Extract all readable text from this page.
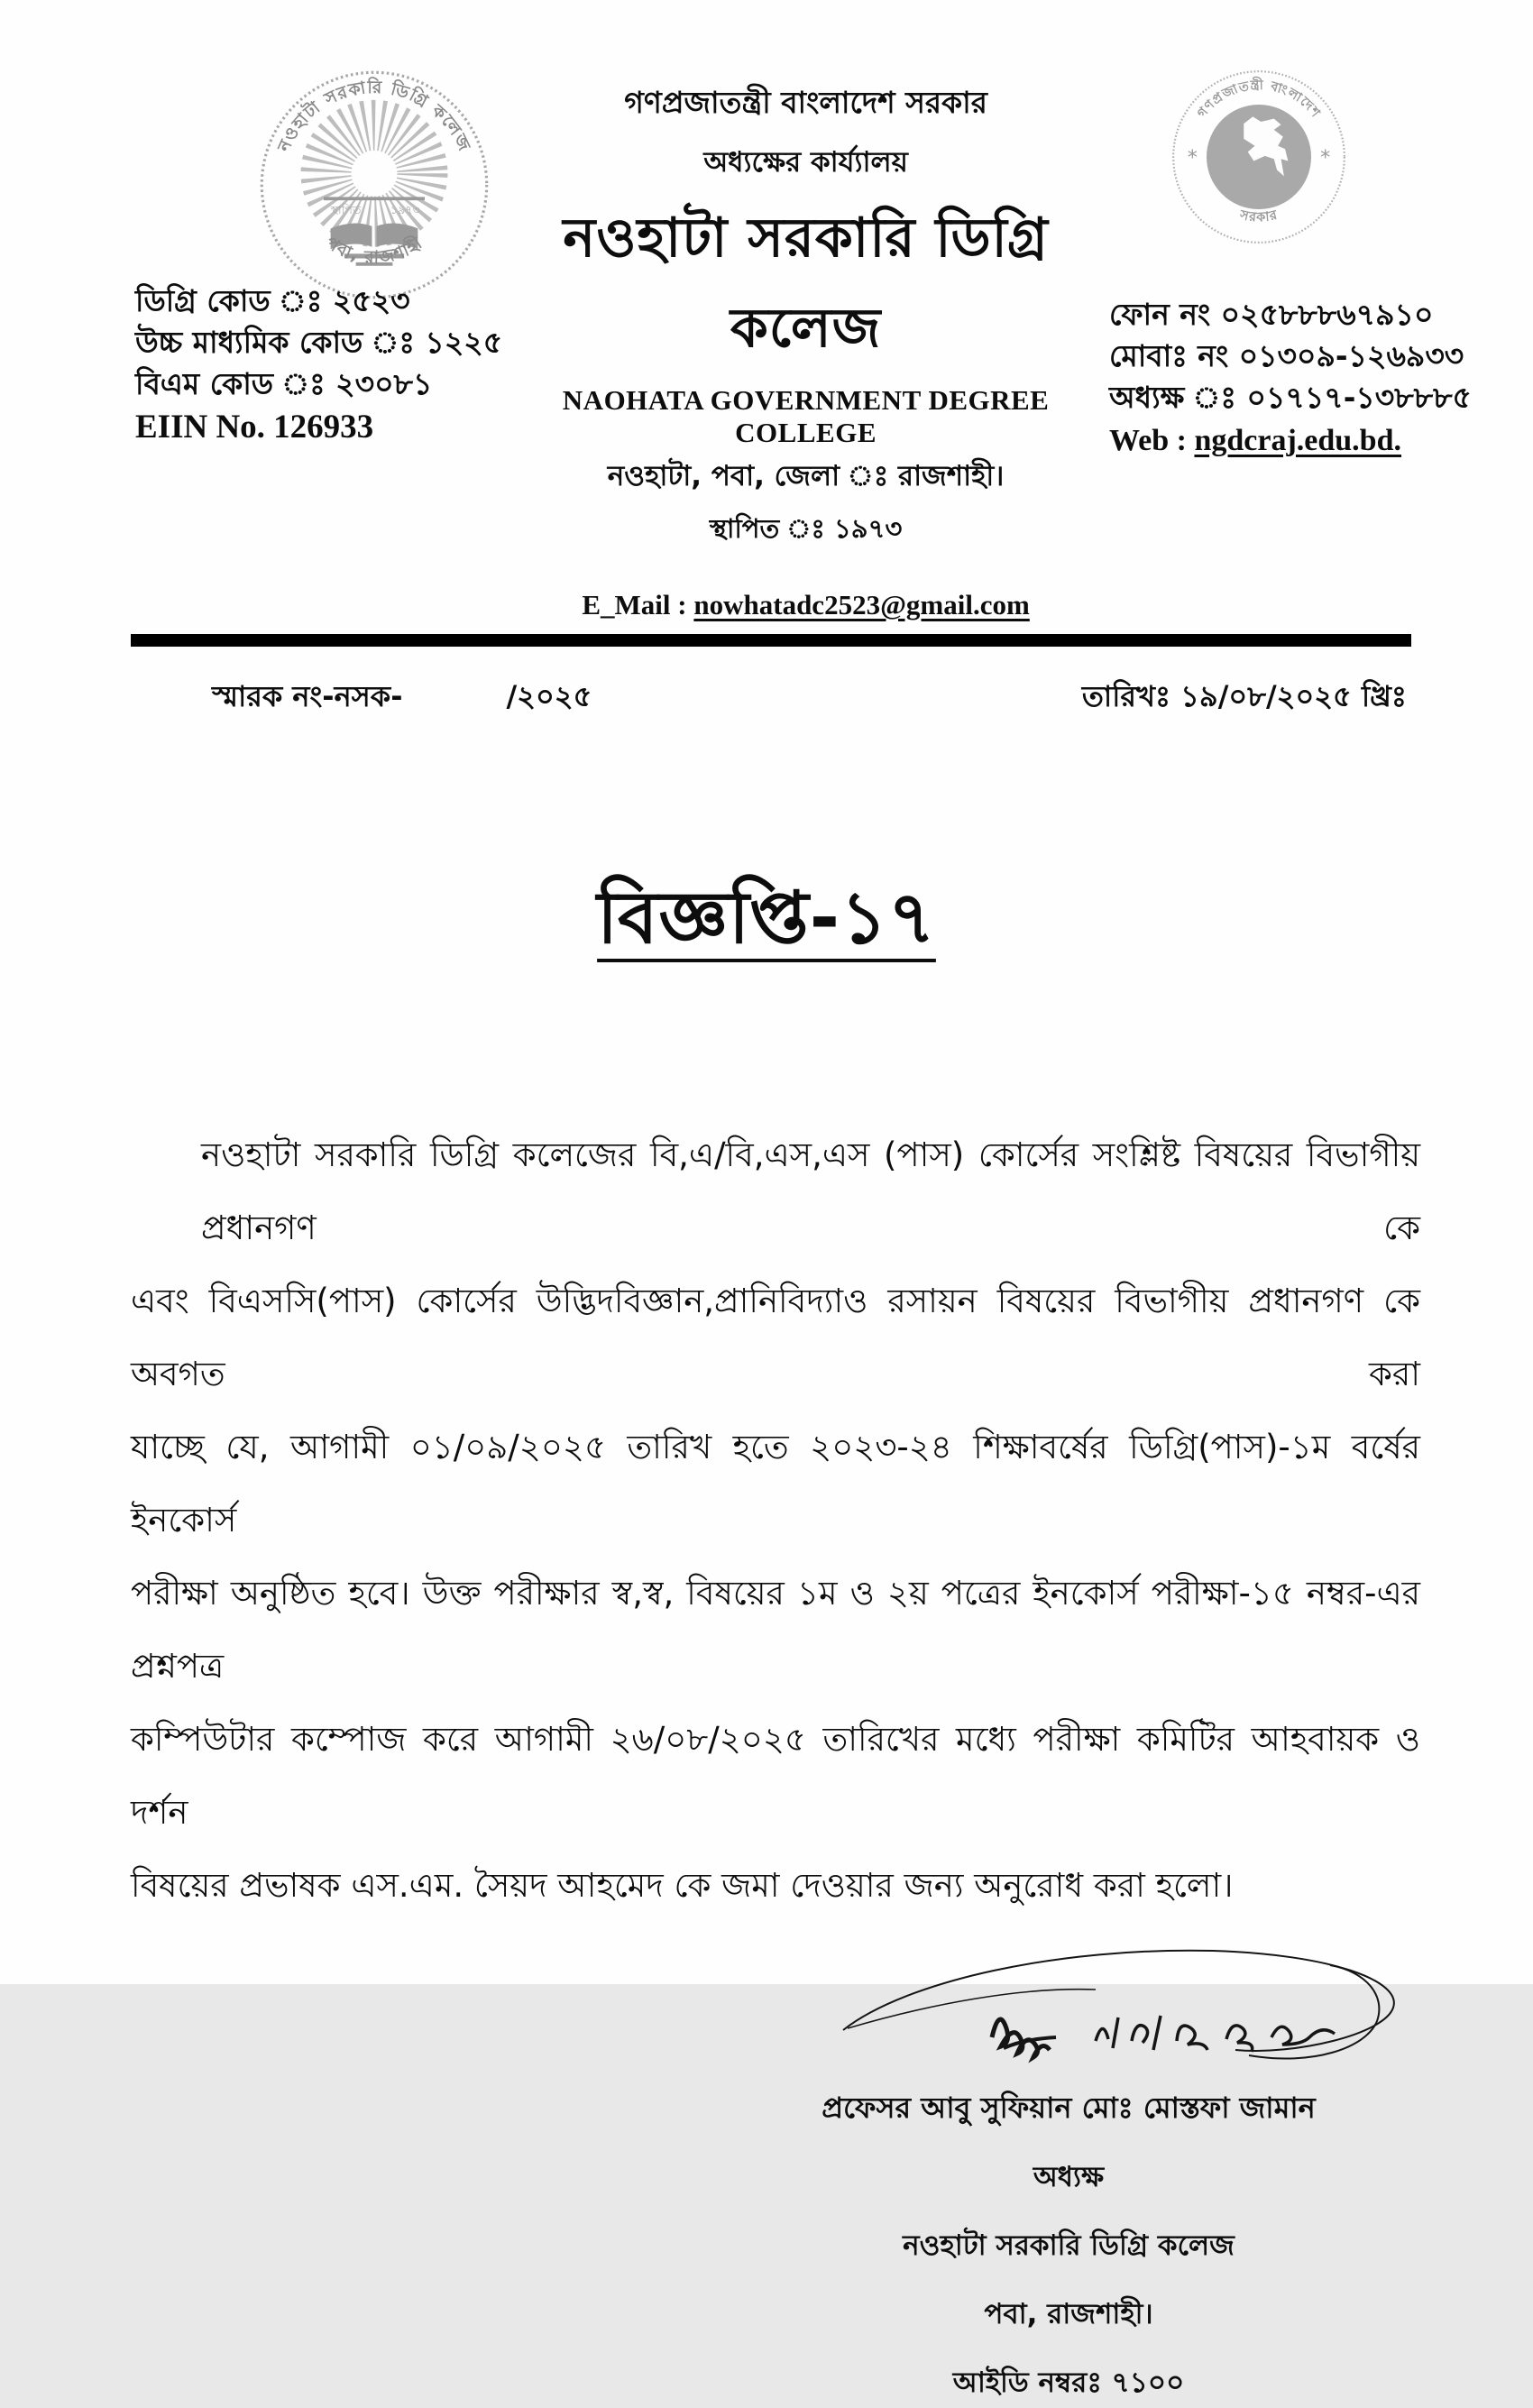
স্থাপিত	১৯৭৩
নওহাটা সরকারি ডিগ্রি কলেজ
পবা, রাজশাহী
ডিগ্রি কোড ঃ ২৫২৩
উচ্চ মাধ্যমিক কোড ঃ ১২২৫
বিএম কোড ঃ ২৩০৮১
EIIN No. 126933
গণপ্রজাতন্ত্রী বাংলাদেশ সরকার
অধ্যক্ষের কার্য্যালয়
নওহাটা সরকারি ডিগ্রি কলেজ
NAOHATA GOVERNMENT DEGREE COLLEGE
নওহাটা, পবা, জেলা ঃ রাজশাহী।
স্থাপিত ঃ ১৯৭৩
E_Mail : nowhatadc2523@gmail.com
*	*
গণপ্রজাতন্ত্রী বাংলাদেশ
সরকার
ফোন নং ০২৫৮৮৮৬৭৯১০
মোবাঃ নং ০১৩০৯-১২৬৯৩৩
অধ্যক্ষ ঃ ০১৭১৭-১৩৮৮৮৫
Web : ngdcraj.edu.bd.
স্মারক নং-নসক-	/২০২৫	তারিখঃ ১৯/০৮/২০২৫ খ্রিঃ
বিজ্ঞপ্তি-১৭
নওহাটা সরকারি ডিগ্রি কলেজের বি,এ/বি,এস,এস (পাস) কোর্সের সংশ্লিষ্ট বিষয়ের বিভাগীয় প্রধানগণ কে
এবং বিএসসি(পাস) কোর্সের উদ্ভিদবিজ্ঞান,প্রানিবিদ্যাও রসায়ন বিষয়ের বিভাগীয় প্রধানগণ কে অবগত করা
যাচ্ছে যে, আগামী ০১/০৯/২০২৫ তারিখ হতে ২০২৩-২৪ শিক্ষাবর্ষের ডিগ্রি(পাস)-১ম বর্ষের ইনকোর্স
পরীক্ষা অনুষ্ঠিত হবে। উক্ত পরীক্ষার স্ব,স্ব, বিষয়ের ১ম ও ২য় পত্রের ইনকোর্স পরীক্ষা-১৫ নম্বর-এর প্রশ্নপত্র
কম্পিউটার কম্পোজ করে আগামী ২৬/০৮/২০২৫ তারিখের মধ্যে পরীক্ষা কমিটির আহবায়ক ও দর্শন
বিষয়ের প্রভাষক এস.এম. সৈয়দ আহমেদ কে জমা দেওয়ার জন্য অনুরোধ করা হলো।
প্রফেসর আবু সুফিয়ান মোঃ মোস্তফা জামান
অধ্যক্ষ
নওহাটা সরকারি ডিগ্রি কলেজ
পবা, রাজশাহী।
আইডি নম্বরঃ ৭১০০
